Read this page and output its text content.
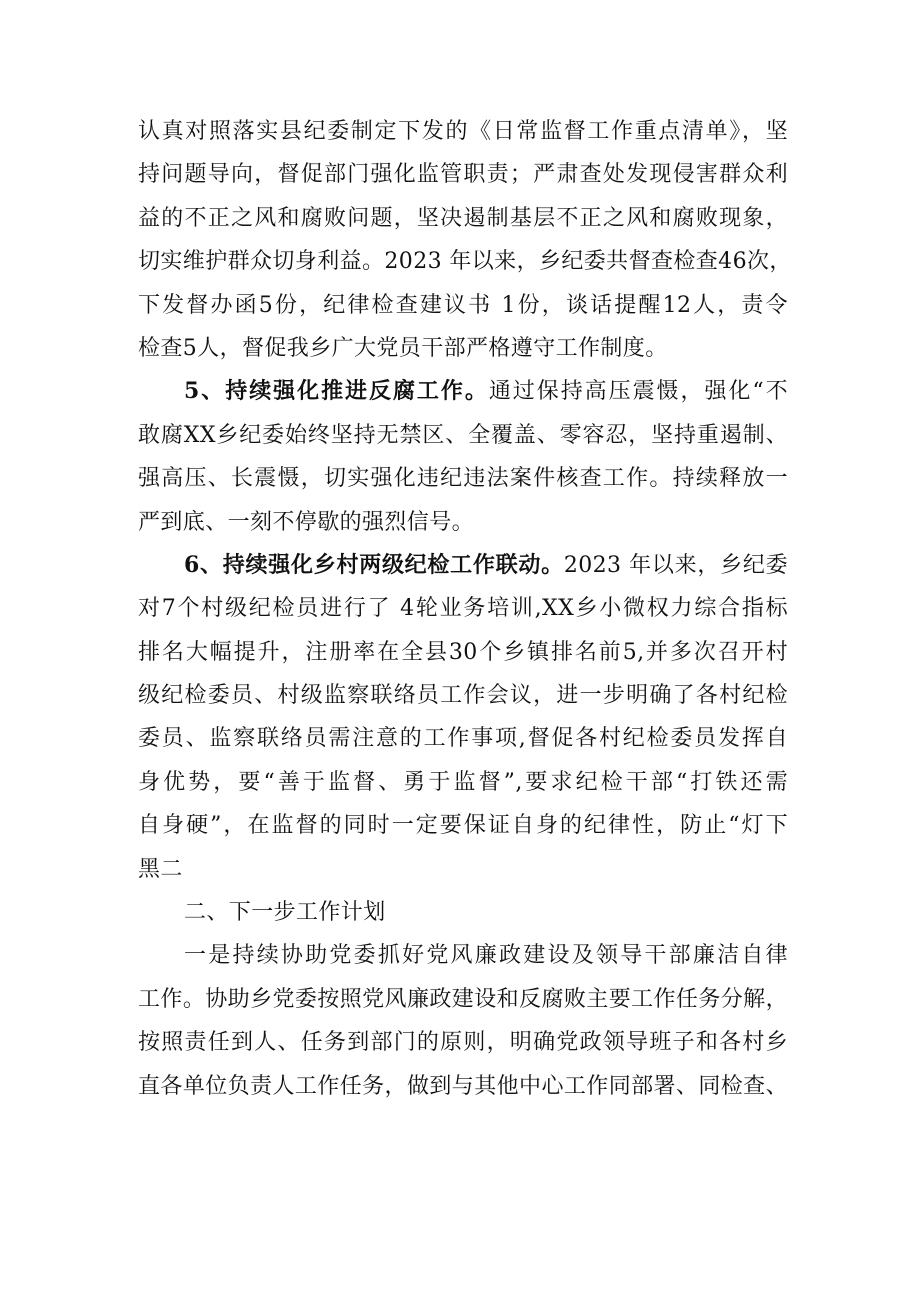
认真对照落实县纪委制定下发的《日常监督工作重点清单》，坚
持问题导向，督促部门强化监管职责；严肃查处发现侵害群众利
益的不正之风和腐败问题，坚决遏制基层不正之风和腐败现象，
切实维护群众切身利益。2023 年以来，乡纪委共督查检查46次，
下发督办函5份，纪律检查建议书 1份，谈话提醒12人，责令
检查5人，督促我乡广大党员干部严格遵守工作制度。
5、持续强化推进反腐工作。通过保持高压震慑，强化“不
敢腐XX乡纪委始终坚持无禁区、全覆盖、零容忍，坚持重遏制、
强高压、长震慑，切实强化违纪违法案件核查工作。持续释放一
严到底、一刻不停歇的强烈信号。
6、持续强化乡村两级纪检工作联动。2023 年以来，乡纪委
对7个村级纪检员进行了 4轮业务培训,XX乡小微权力综合指标
排名大幅提升，注册率在全县30个乡镇排名前5,并多次召开村
级纪检委员、村级监察联络员工作会议，进一步明确了各村纪检
委员、监察联络员需注意的工作事项,督促各村纪检委员发挥自
身优势，要“善于监督、勇于监督”,要求纪检干部“打铁还需
自身硬”，在监督的同时一定要保证自身的纪律性，防止“灯下
黑二
二、下一步工作计划
一是持续协助党委抓好党风廉政建设及领导干部廉洁自律
工作。协助乡党委按照党风廉政建设和反腐败主要工作任务分解，
按照责任到人、任务到部门的原则，明确党政领导班子和各村乡
直各单位负责人工作任务，做到与其他中心工作同部署、同检查、
